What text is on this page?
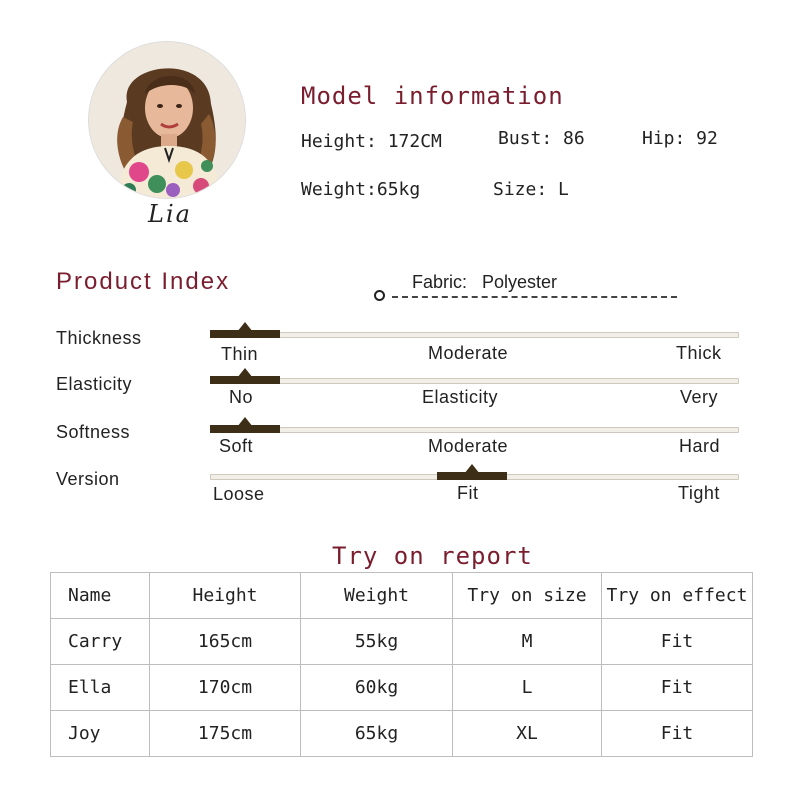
Lia
Model information
Height: 172CM	Bust: 86	Hip: 92
Weight:65kg	Size: L
Product Index	Fabric:   Polyester
Thickness
Thin	Moderate	Thick
Elasticity
No	Elasticity	Very
Softness
Soft	Moderate	Hard
Version
Loose	Fit	Tight
Try on report
Name	Height	Weight	Try on size	Try on effect
Carry	165cm	55kg	M	Fit
Ella	170cm	60kg	L	Fit
Joy	175cm	65kg	XL	Fit
